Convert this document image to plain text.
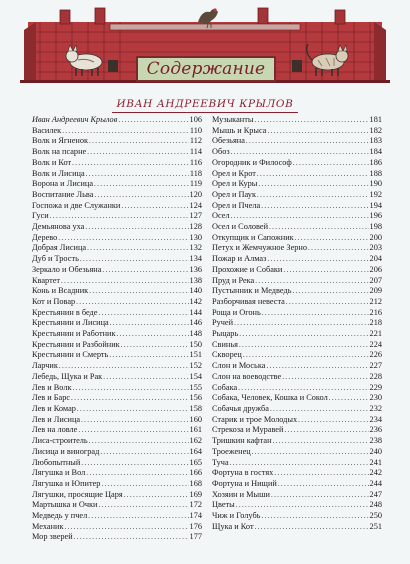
Содержание
ИВАН АНДРЕЕВИЧ КРЫЛОВ
Иван Андреевич Крылов . . .	106
Василек . . .	110
Волк и Ягненок . . .	112
Волк на псарне . . .	114
Волк и Кот . . .	116
Волк и Лисица . . .	118
Ворона и Лисица . . .	119
Воспитание Льва . . .	120
Госпожа и две Служанки . . .	124
Гуси . . .	127
Демьянова уха . . .	128
Дерево . . .	130
Добрая Лисица . . .	132
Дуб и Трость . . .	134
Зеркало и Обезьяна . . .	136
Квартет . . .	138
Конь и Всадник . . .	140
Кот и Повар . . .	142
Крестьянин в беде . . .	144
Крестьянин и Лисица . . .	146
Крестьянин и Работник . . .	148
Крестьянин и Разбойник . . .	150
Крестьянин и Смерть . . .	151
Ларчик . . .	152
Лебедь, Щука и Рак . . .	154
Лев и Волк . . .	155
Лев и Барс . . .	156
Лев и Комар . . .	158
Лев и Лисица . . .	160
Лев на ловле . . .	161
Лиса-строитель . . .	162
Лисица и виноград . . .	164
Любопытный . . .	165
Лягушка и Вол . . .	166
Лягушка и Юпитер . . .	168
Лягушки, просящие Царя . . .	169
Мартышка и Очки . . .	172
Медведь у пчел . . .	174
Механик . . .	176
Мор зверей . . .	177
Музыканты . . .	181
Мышь и Крыса . . .	182
Обезьяна . . .	183
Обоз . . .	184
Огородник и Философ . . .	186
Орел и Крот . . .	188
Орел и Куры . . .	190
Орел и Паук . . .	192
Орел и Пчела . . .	194
Осел . . .	196
Осел и Соловей . . .	198
Откупщик и Сапожник . . .	200
Петух и Жемчужное Зерно . . .	203
Пожар и Алмаз . . .	204
Прохожие и Собаки . . .	206
Пруд и Река . . .	207
Пустынник и Медведь . . .	209
Разборчивая невеста . . .	212
Роща и Огонь . . .	216
Ручей . . .	218
Рыцарь . . .	221
Свинья . . .	224
Скворец . . .	226
Слон и Моська . . .	227
Слон на воеводстве . . .	228
Собака . . .	229
Собака, Человек, Кошка и Сокол . . .	230
Собачья дружба . . .	232
Старик и трое Молодых . . .	234
Стрекоза и Муравей . . .	236
Тришкин кафтан . . .	238
Троеженец . . .	240
Туча . . .	241
Фортуна в гостях . . .	242
Фортуна и Нищий . . .	244
Хозяин и Мыши . . .	247
Цветы . . .	248
Чиж и Голубь . . .	250
Щука и Кот . . .	251
